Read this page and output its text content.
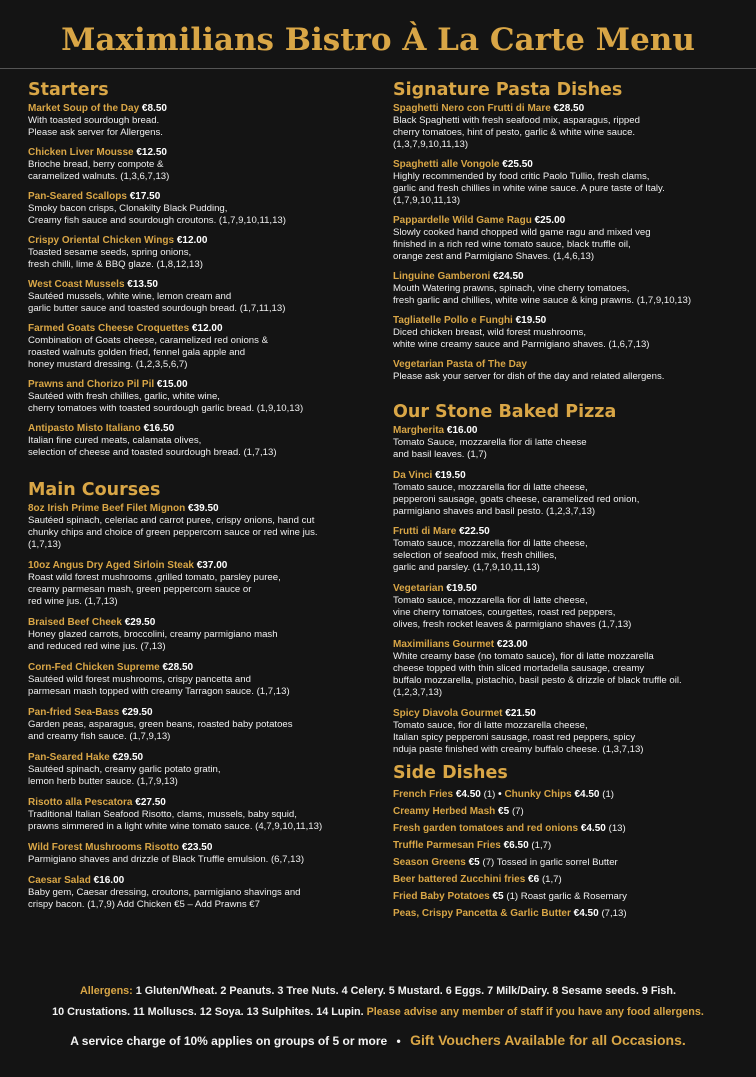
Maximilians Bistro À La Carte Menu
Starters
Market Soup of the Day €8.50
With toasted sourdough bread.
Please ask server for Allergens.
Chicken Liver Mousse €12.50
Brioche bread, berry compote &
caramelized walnuts. (1,3,6,7,13)
Pan-Seared Scallops €17.50
Smoky bacon crisps, Clonakilty Black Pudding,
Creamy fish sauce and sourdough croutons. (1,7,9,10,11,13)
Crispy Oriental Chicken Wings €12.00
Toasted sesame seeds, spring onions,
fresh chilli, lime & BBQ glaze. (1,8,12,13)
West Coast Mussels €13.50
Sautéed mussels, white wine, lemon cream and
garlic butter sauce and toasted sourdough bread. (1,7,11,13)
Farmed Goats Cheese Croquettes €12.00
Combination of Goats cheese, caramelized red onions &
roasted walnuts golden fried, fennel gala apple and
honey mustard dressing. (1,2,3,5,6,7)
Prawns and Chorizo Pil Pil €15.00
Sautéed with fresh chillies, garlic, white wine,
cherry tomatoes with toasted sourdough garlic bread. (1,9,10,13)
Antipasto Misto Italiano €16.50
Italian fine cured meats, calamata olives,
selection of cheese and toasted sourdough bread. (1,7,13)
Main Courses
8oz Irish Prime Beef Filet Mignon €39.50
Sautéed spinach, celeriac and carrot puree, crispy onions, hand cut
chunky chips and choice of green peppercorn sauce or red wine jus.
(1,7,13)
10oz Angus Dry Aged Sirloin Steak €37.00
Roast wild forest mushrooms ,grilled tomato, parsley puree,
creamy parmesan mash, green peppercorn sauce or
red wine jus. (1,7,13)
Braised Beef Cheek €29.50
Honey glazed carrots, broccolini, creamy parmigiano mash
and reduced red wine jus. (7,13)
Corn-Fed Chicken Supreme €28.50
Sautéed wild forest mushrooms, crispy pancetta and
parmesan mash topped with creamy Tarragon sauce. (1,7,13)
Pan-fried Sea-Bass €29.50
Garden peas, asparagus, green beans, roasted baby potatoes
and creamy fish sauce. (1,7,9,13)
Pan-Seared Hake €29.50
Sautéed spinach, creamy garlic potato gratin,
lemon herb butter sauce. (1,7,9,13)
Risotto alla Pescatora €27.50
Traditional Italian Seafood Risotto, clams, mussels, baby squid,
prawns simmered in a light white wine tomato sauce. (4,7,9,10,11,13)
Wild Forest Mushrooms Risotto €23.50
Parmigiano shaves and drizzle of Black Truffle emulsion. (6,7,13)
Caesar Salad €16.00
Baby gem, Caesar dressing, croutons, parmigiano shavings and
crispy bacon. (1,7,9) Add Chicken €5 – Add Prawns €7
Signature Pasta Dishes
Spaghetti Nero con Frutti di Mare €28.50
Black Spaghetti with fresh seafood mix, asparagus, ripped
cherry tomatoes, hint of pesto, garlic & white wine sauce.
(1,3,7,9,10,11,13)
Spaghetti alle Vongole €25.50
Highly recommended by food critic Paolo Tullio, fresh clams,
garlic and fresh chillies in white wine sauce. A pure taste of Italy.
(1,7,9,10,11,13)
Pappardelle Wild Game Ragu €25.00
Slowly cooked hand chopped wild game ragu and mixed veg
finished in a rich red wine tomato sauce, black truffle oil,
orange zest and Parmigiano Shaves. (1,4,6,13)
Linguine Gamberoni €24.50
Mouth Watering prawns, spinach, vine cherry tomatoes,
fresh garlic and chillies, white wine sauce & king prawns. (1,7,9,10,13)
Tagliatelle Pollo e Funghi €19.50
Diced chicken breast, wild forest mushrooms,
white wine creamy sauce and Parmigiano shaves. (1,6,7,13)
Vegetarian Pasta of The Day
Please ask your server for dish of the day and related allergens.
Our Stone Baked Pizza
Margherita €16.00
Tomato Sauce, mozzarella fior di latte cheese
and basil leaves. (1,7)
Da Vinci €19.50
Tomato sauce, mozzarella fior di latte cheese,
pepperoni sausage, goats cheese, caramelized red onion,
parmigiano shaves and basil pesto. (1,2,3,7,13)
Frutti di Mare €22.50
Tomato sauce, mozzarella fior di latte cheese,
selection of seafood mix, fresh chillies,
garlic and parsley. (1,7,9,10,11,13)
Vegetarian €19.50
Tomato sauce, mozzarella fior di latte cheese,
vine cherry tomatoes, courgettes, roast red peppers,
olives, fresh rocket leaves & parmigiano shaves (1,7,13)
Maximilians Gourmet €23.00
White creamy base (no tomato sauce), fior di latte mozzarella
cheese topped with thin sliced mortadella sausage, creamy
buffalo mozzarella, pistachio, basil pesto & drizzle of black truffle oil.
(1,2,3,7,13)
Spicy Diavola Gourmet €21.50
Tomato sauce, fior di latte mozzarella cheese,
Italian spicy pepperoni sausage, roast red peppers, spicy
nduja paste finished with creamy buffalo cheese. (1,3,7,13)
Side Dishes
French Fries €4.50 (1) • Chunky Chips €4.50 (1)
Creamy Herbed Mash €5 (7)
Fresh garden tomatoes and red onions €4.50 (13)
Truffle Parmesan Fries €6.50 (1,7)
Season Greens €5 (7) Tossed in garlic sorrel Butter
Beer battered Zucchini fries €6 (1,7)
Fried Baby Potatoes €5 (1) Roast garlic & Rosemary
Peas, Crispy Pancetta & Garlic Butter €4.50 (7,13)
Allergens: 1 Gluten/Wheat. 2 Peanuts. 3 Tree Nuts. 4 Celery. 5 Mustard. 6 Eggs. 7 Milk/Dairy. 8 Sesame seeds. 9 Fish.
10 Crustations. 11 Molluscs. 12 Soya. 13 Sulphites. 14 Lupin. Please advise any member of staff if you have any food allergens.
A service charge of 10% applies on groups of 5 or more • Gift Vouchers Available for all Occasions.
